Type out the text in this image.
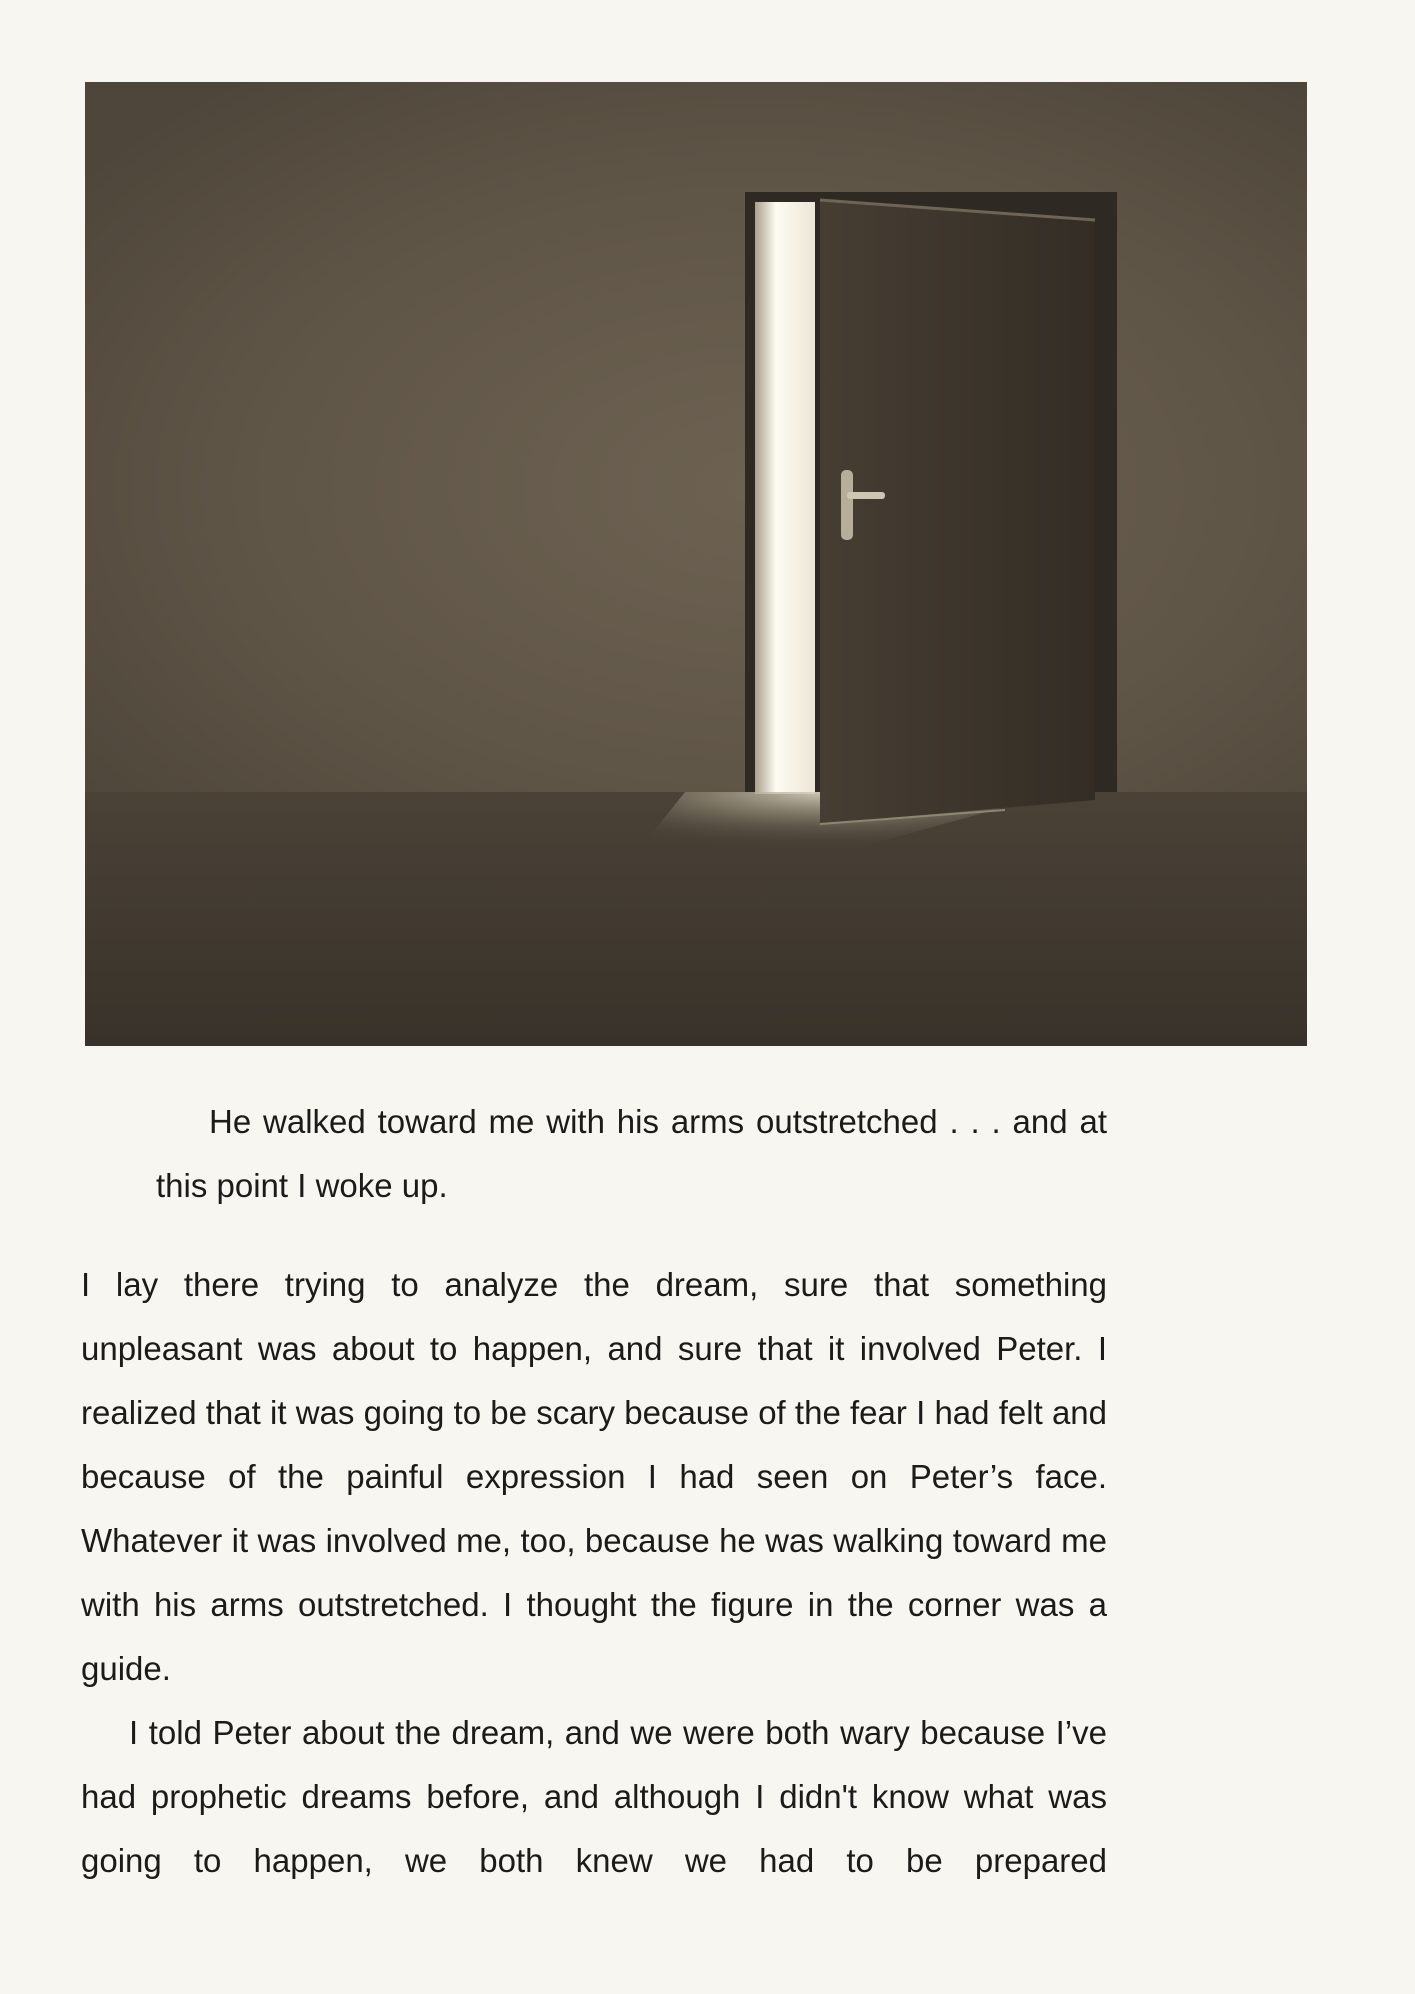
He walked toward me with his arms outstretched . . . and at this point I woke up.

I lay there trying to analyze the dream, sure that something unpleasant was about to happen, and sure that it involved Peter. I realized that it was going to be scary because of the fear I had felt and because of the painful expression I had seen on Peter’s face. Whatever it was involved me, too, because he was walking toward me with his arms outstretched. I thought the figure in the corner was a guide.

I told Peter about the dream, and we were both wary because I’ve had prophetic dreams before, and although I didn't know what was going to happen, we both knew we had to be prepared
